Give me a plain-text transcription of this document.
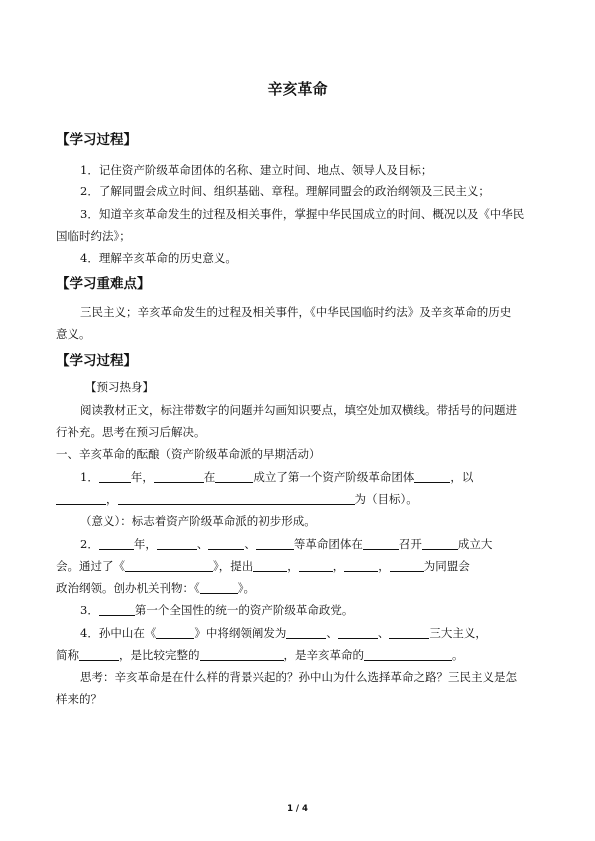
辛亥革命
【学习过程】
1．记住资产阶级革命团体的名称、建立时间、地点、领导人及目标；
2．了解同盟会成立时间、组织基础、章程。理解同盟会的政治纲领及三民主义；
3．知道辛亥革命发生的过程及相关事件，掌握中华民国成立的时间、概况以及《中华民
国临时约法》；
4．理解辛亥革命的历史意义。
【学习重难点】
三民主义；辛亥革命发生的过程及相关事件，《中华民国临时约法》及辛亥革命的历史
意义。
【学习过程】
【预习热身】
阅读教材正文，标注带数字的问题并勾画知识要点，填空处加双横线。带括号的问题进
行补充。思考在预习后解决。
一、辛亥革命的酝酿（资产阶级革命派的早期活动）
1．	年，	在	成立了第一个资产阶级革命团体	，以
，	为（目标）。
（意义）：标志着资产阶级革命派的初步形成。
2．	年，	、	、	等革命团体在	召开	成立大
会。通过了《	》，提出	，	，	，	为同盟会
政治纲领。创办机关刊物：《	》。
3．	第一个全国性的统一的资产阶级革命政党。
4．孙中山在《	》中将纲领阐发为	、	、	三大主义，
简称	，是比较完整的	，是辛亥革命的	。
思考：辛亥革命是在什么样的背景兴起的？孙中山为什么选择革命之路？三民主义是怎
样来的？
1 / 4
